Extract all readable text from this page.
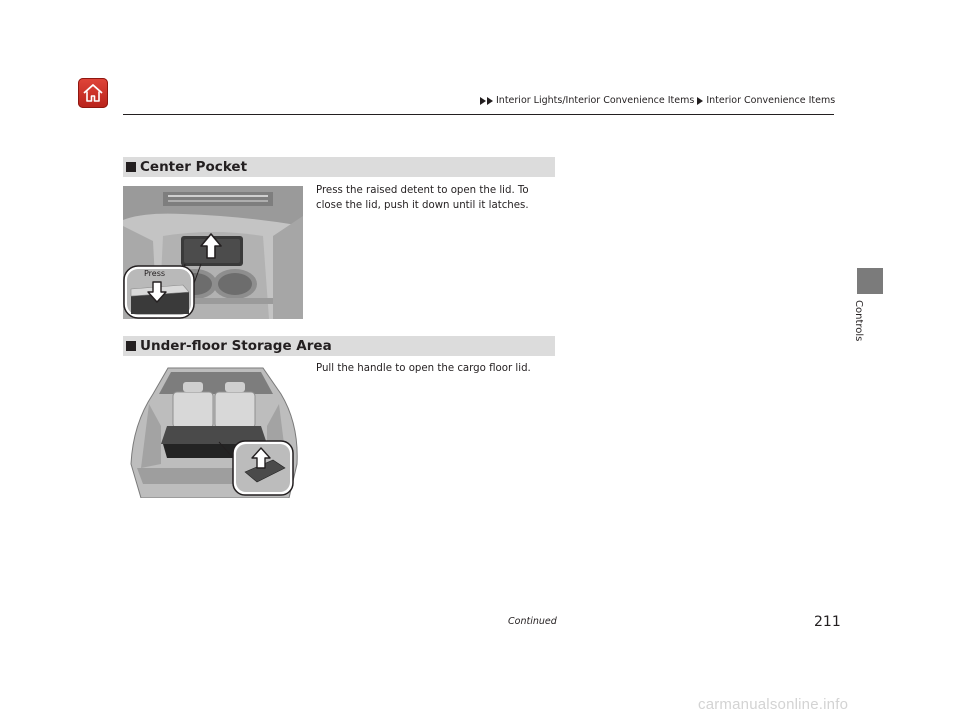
Interior Lights/Interior Convenience Items Interior Convenience Items
Controls
Center Pocket
Press
Press the raised detent to open the lid. To
close the lid, push it down until it latches.
Under-floor Storage Area
Pull the handle to open the cargo floor lid.
Continued	211
carmanualsonline.info
